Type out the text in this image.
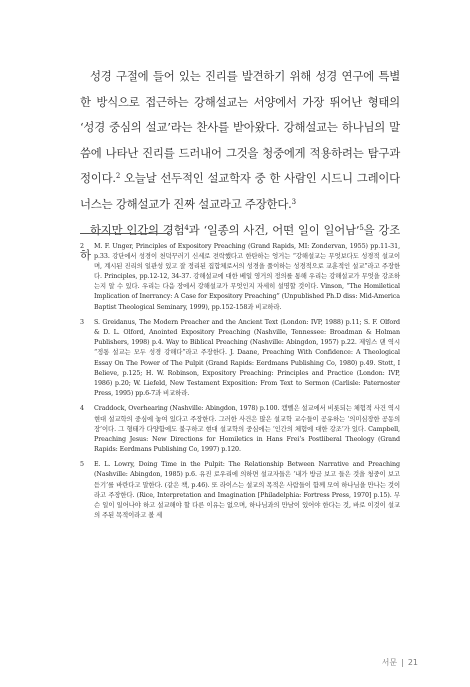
성경 구절에 들어 있는 진리를 발견하기 위해 성경 연구에 특별한 방식으로 접근하는 강해설교는 서양에서 가장 뛰어난 형태의 ‘성경 중심의 설교’라는 찬사를 받아왔다. 강해설교는 하나님의 말씀에 나타난 진리를 드러내어 그것을 청중에게 적용하려는 탐구과정이다.$^2$ 오늘날 선두적인 설교학자 중 한 사람인 시드니 그레이다너스는 강해설교가 진짜 설교라고 주장한다.$^3$

하지만 인간의 경험$^4$과 ‘일종의 사건, 어떤 일이 일어남’$^5$을 강조하

2	M. F. Unger, Principles of Expository Preaching (Grand Rapids, MI: Zondervan, 1955) pp.11-31, p.33. 강단에서 성경이 천덕꾸러기 신세로 전락했다고 한탄하는 엉거는 “강해설교는 무엇보다도 성경적 설교이며, 계시된 진리의 일관성 있고 잘 정리된 집합체로서의 성경을 풀이하는 성경적으로 교훈적인 설교”라고 주장한다. Principles, pp.12-12, 34-37. 강해설교에 대한 베일 영거의 정의를 통해 우리는 강해설교가 무엇을 강조하는지 알 수 있다. 우리는 다음 장에서 강해설교가 무엇인지 자세히 설명할 것이다. Vinson, “The Homiletical Implication of Inerrancy: A Case for Expository Preaching” (Unpublished Ph.D diss: Mid-America Baptist Theological Seminary, 1999), pp.152-158과 비교하라.
3	S. Greidanus, The Modern Preacher and the Ancient Text (London: IVP, 1988) p.11; S. F. Olford & D. L. Olford, Anointed Expository Preaching (Nashville, Tennessee: Broadman & Holman Publishers, 1998) p.4. Way to Biblical Preaching (Nashville: Abingdon, 1957) p.22. 제임스 댄 역시 “정통 설교는 모두 성경 강해다”라고 주장한다. J. Daane, Preaching With Confidence: A Theological Essay On The Power of The Pulpit (Grand Rapids: Eerdmans Publishing Co, 1980) p.49. Stott, I Believe, p.125; H. W. Robinson, Expository Preaching: Principles and Practice (London: IVP, 1986) p.20; W. Liefeld, New Testament Exposition: From Text to Sermon (Carlisle: Paternoster Press, 1995) pp.6-7과 비교하라.
4	Craddock, Overhearing (Nashville: Abingdon, 1978) p.100. 캠벨은 설교에서 비롯되는 체험적 사건 역시 현대 설교학의 중심에 놓여 있다고 주장한다. 그러한 사건은 많은 설교학 교수들이 공유하는 ‘의미심장한 공동의 장’이다. 그 형태가 다양함에도 불구하고 현대 설교학의 중심에는 ‘인간의 체험에 대한 강조’가 있다. Campbell, Preaching Jesus: New Directions for Homiletics in Hans Frei’s Postliberal Theology (Grand Rapids: Eerdmans Publishing Co, 1997) p.120.
5	E. L. Lowry, Doing Time in the Pulpit: The Relationship Between Narrative and Preaching (Nashville: Abingdon, 1985) p.6. 유진 로우리에 의하면 설교자들은 ‘내가 방금 보고 들은 것을 청중이 보고 듣기’를 바란다고 말한다. (같은 책, p.46). 또 라이스는 설교의 목적은 사람들이 함께 모여 하나님을 만나는 것이라고 주장한다. (Rice, Interpretation and Imagination [Philadelphia: Fortress Press, 1970] p.15). 무슨 일이 일어나야 하고 설교해야 할 다른 이유는 없으며, 하나님과의 만남이 있어야 한다는 것, 바로 이것이 설교의 주된 목적이라고 볼 세
서문 | 21
